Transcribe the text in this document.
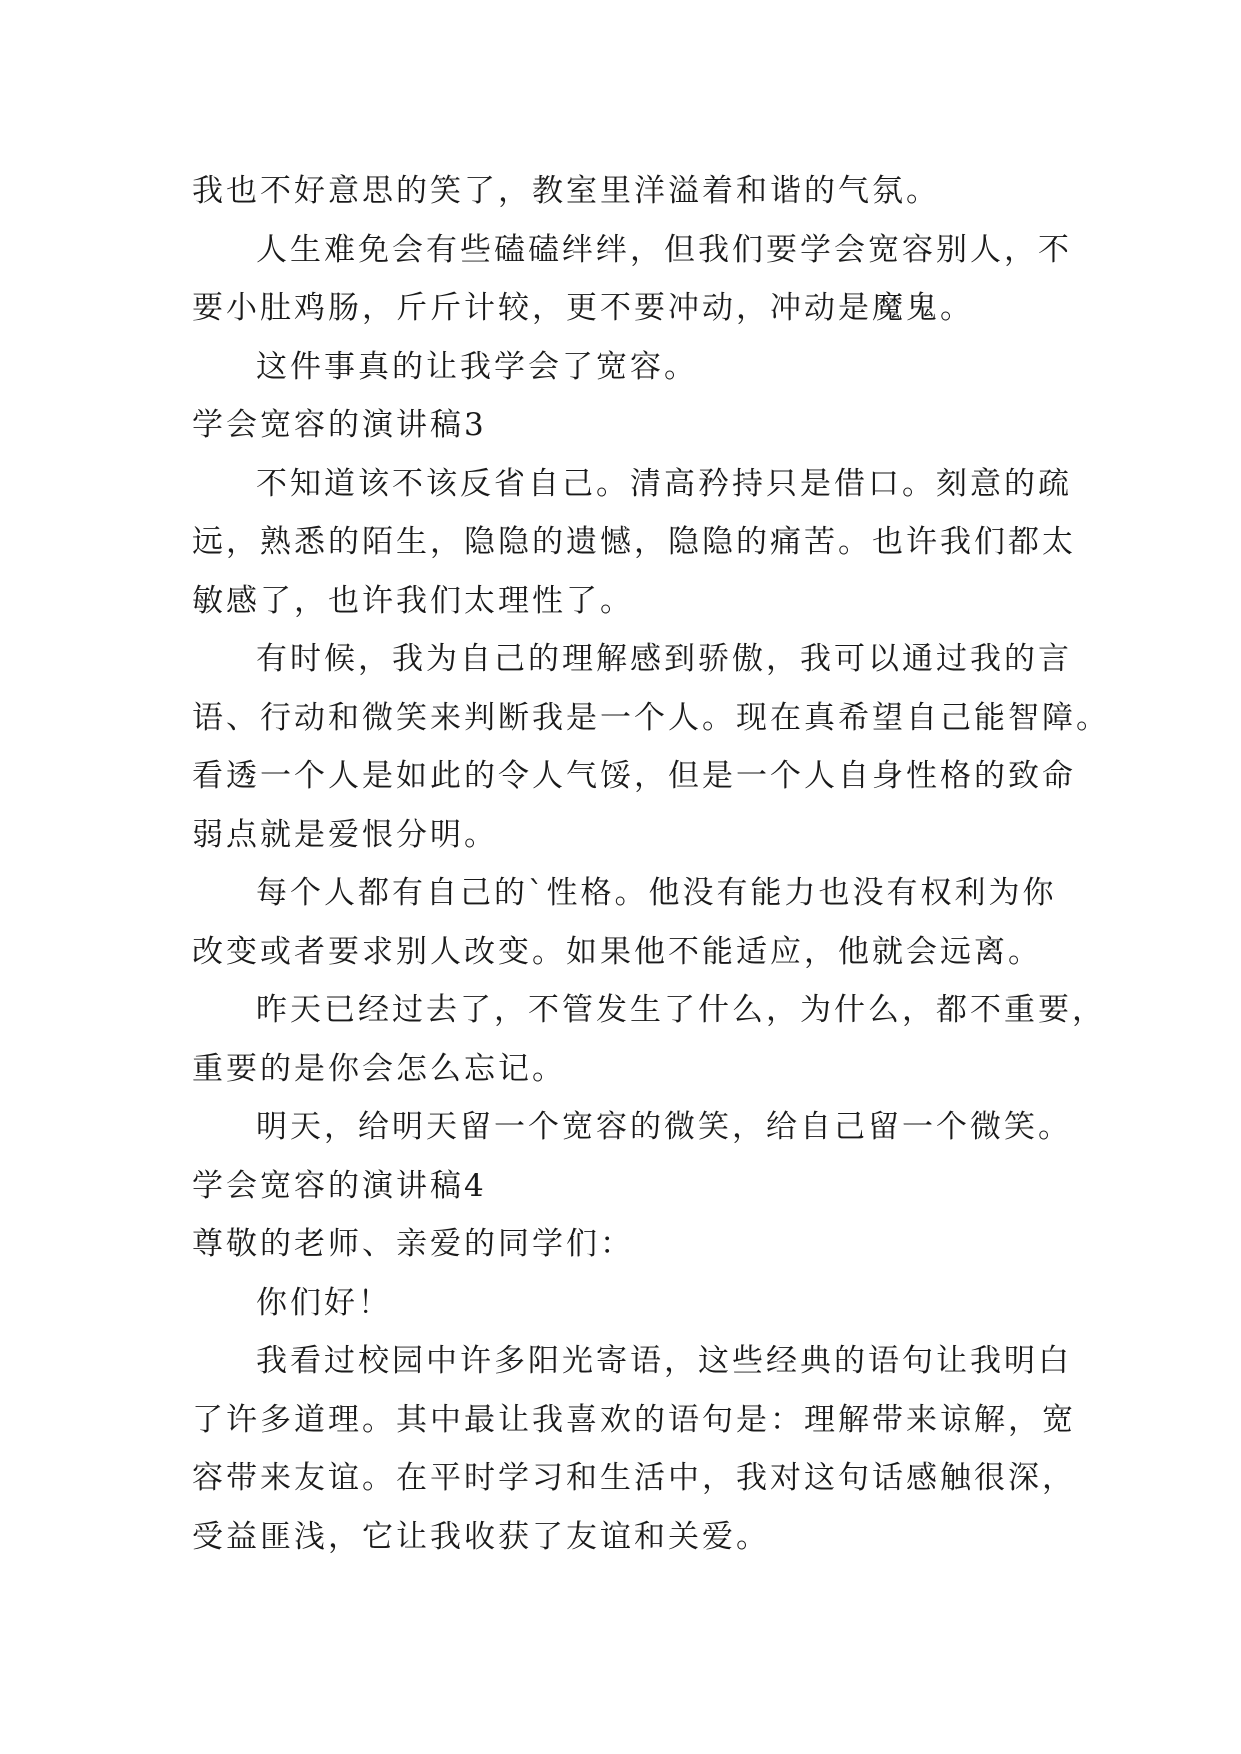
我也不好意思的笑了，教室里洋溢着和谐的气氛。
人生难免会有些磕磕绊绊，但我们要学会宽容别人，不
要小肚鸡肠，斤斤计较，更不要冲动，冲动是魔鬼。
这件事真的让我学会了宽容。
学会宽容的演讲稿3
不知道该不该反省自己。清高矜持只是借口。刻意的疏
远，熟悉的陌生，隐隐的遗憾，隐隐的痛苦。也许我们都太
敏感了，也许我们太理性了。
有时候，我为自己的理解感到骄傲，我可以通过我的言
语、行动和微笑来判断我是一个人。现在真希望自己能智障。
看透一个人是如此的令人气馁，但是一个人自身性格的致命
弱点就是爱恨分明。
每个人都有自己的`性格。他没有能力也没有权利为你
改变或者要求别人改变。如果他不能适应，他就会远离。
昨天已经过去了，不管发生了什么，为什么，都不重要，
重要的是你会怎么忘记。
明天，给明天留一个宽容的微笑，给自己留一个微笑。
学会宽容的演讲稿4
尊敬的老师、亲爱的同学们：
你们好！
我看过校园中许多阳光寄语，这些经典的语句让我明白
了许多道理。其中最让我喜欢的语句是：理解带来谅解，宽
容带来友谊。在平时学习和生活中，我对这句话感触很深，
受益匪浅，它让我收获了友谊和关爱。
